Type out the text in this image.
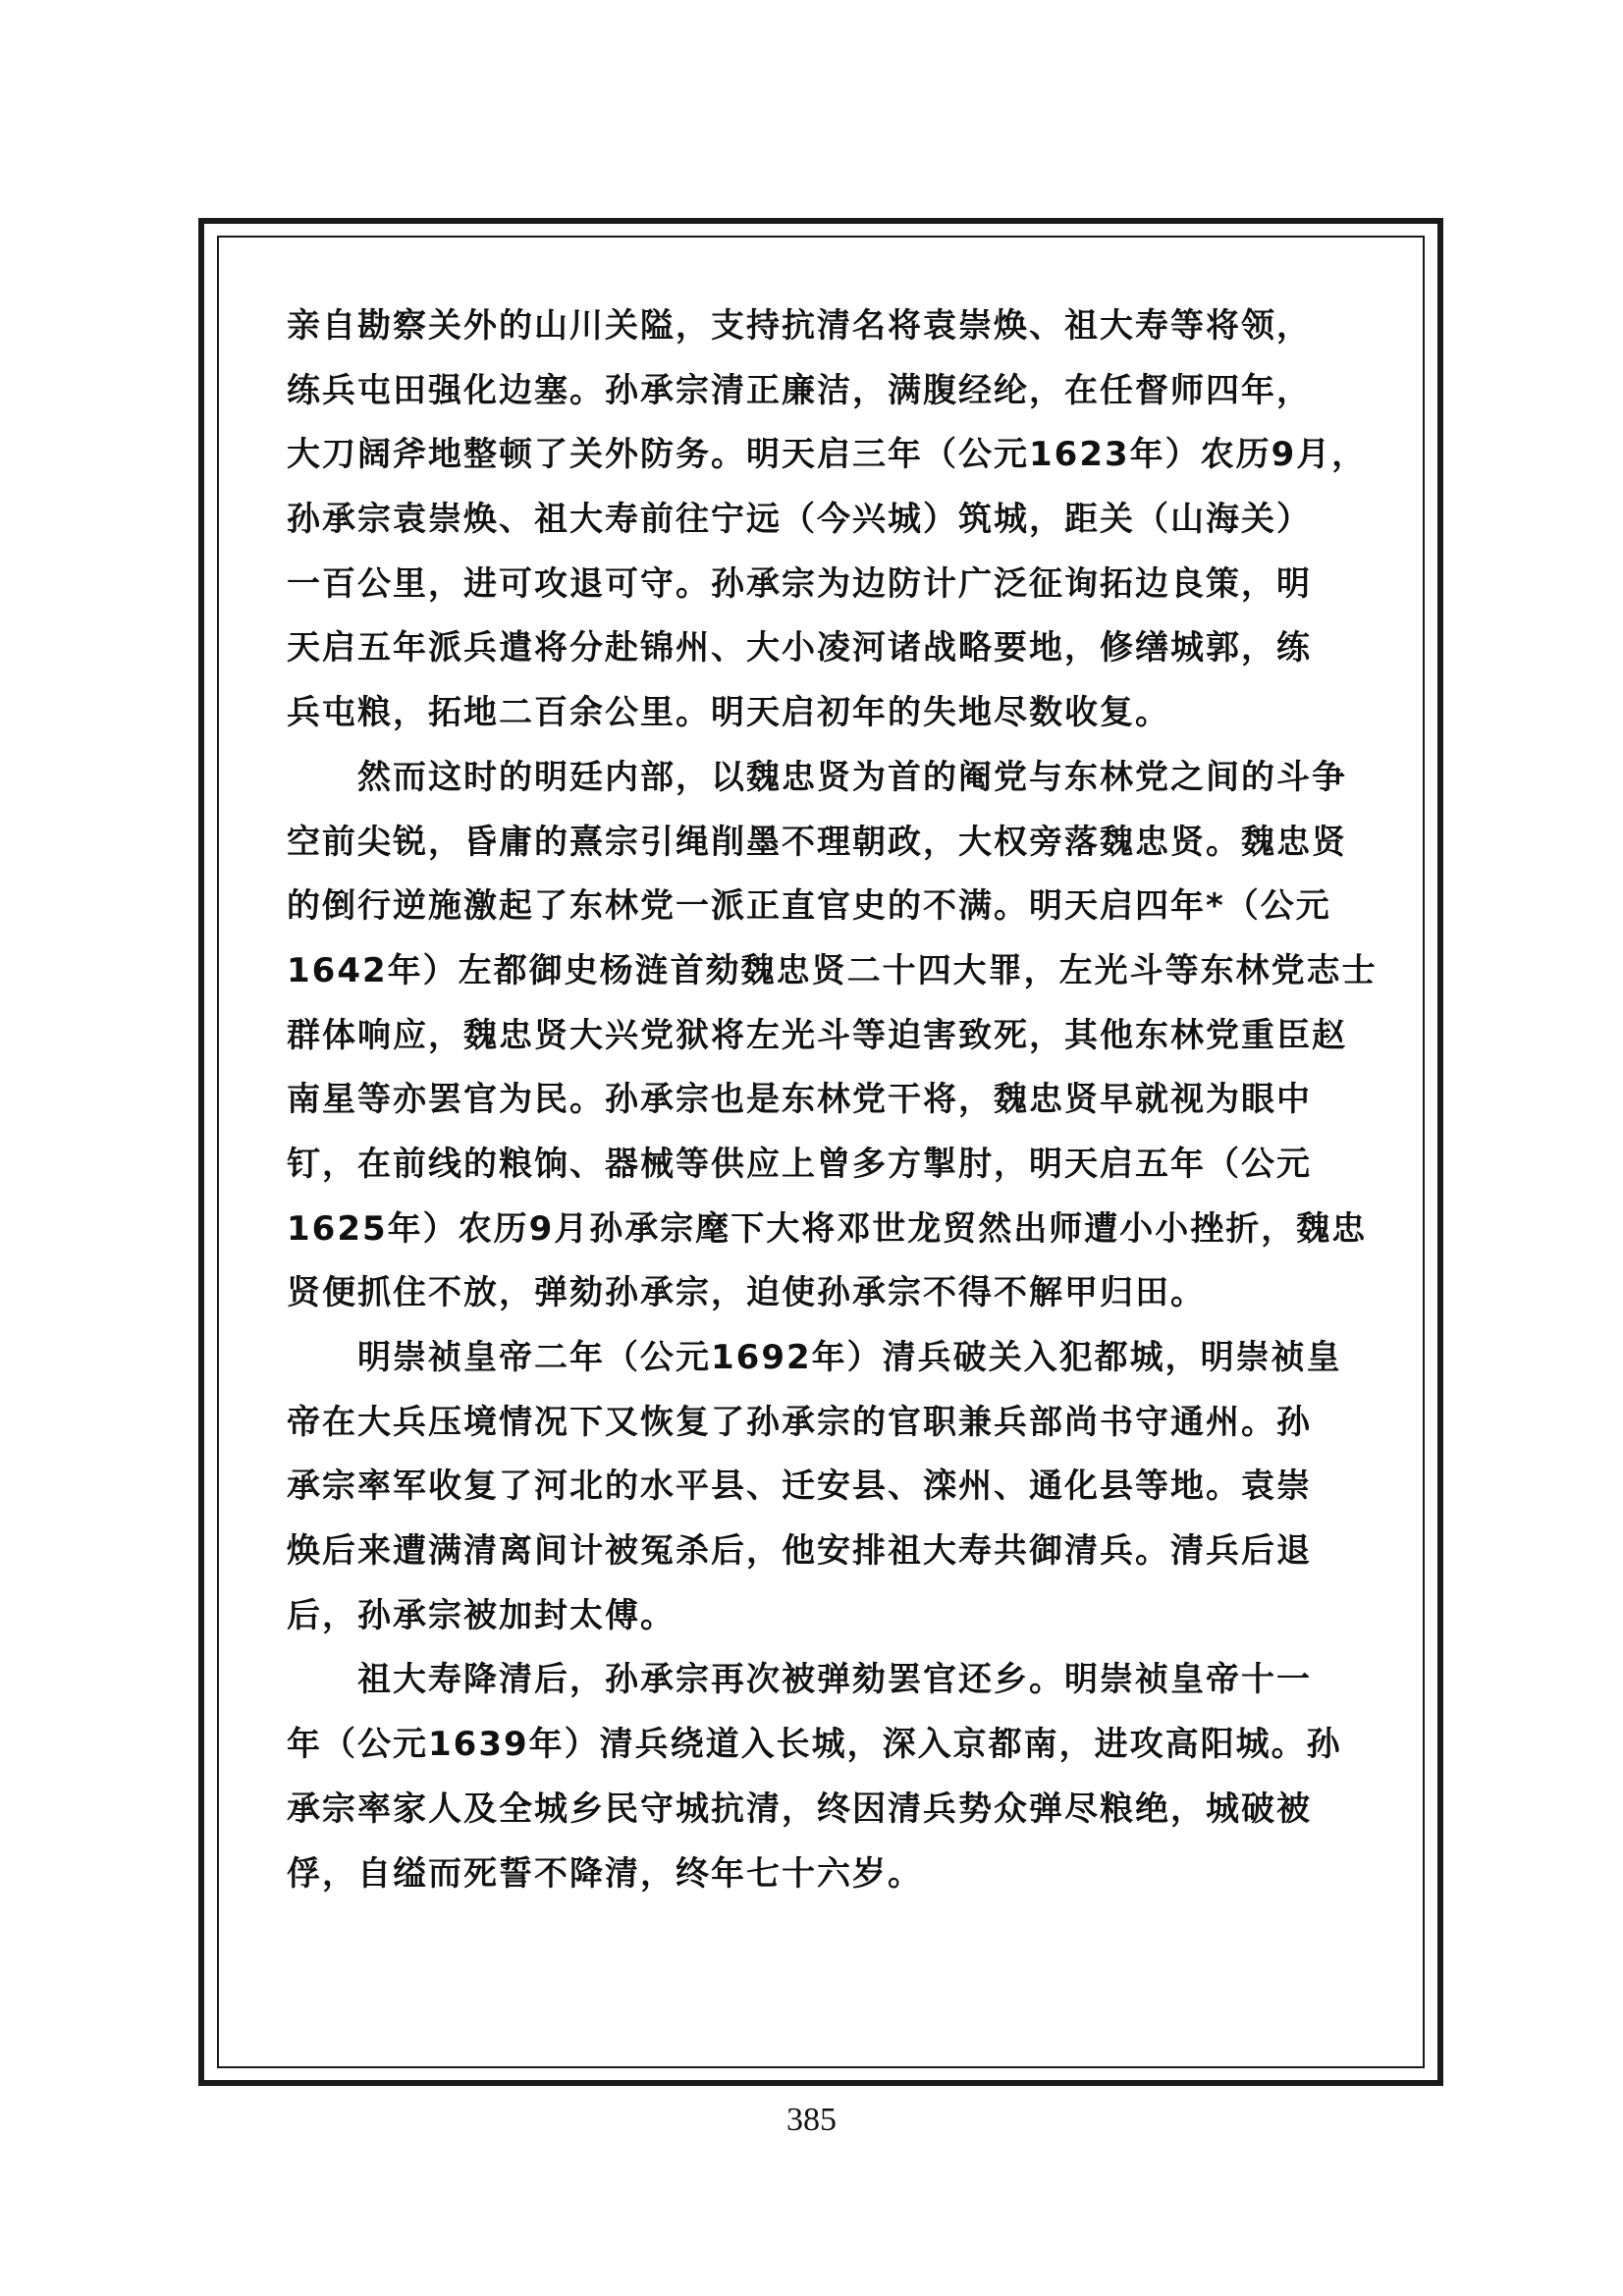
亲自勘察关外的山川关隘，支持抗清名将袁崇焕、祖大寿等将领，
练兵屯田强化边塞。孙承宗清正廉洁，满腹经纶，在任督师四年，
大刀阔斧地整顿了关外防务。明天启三年（公元1623年）农历9月，
孙承宗袁崇焕、祖大寿前往宁远（今兴城）筑城，距关（山海关）
一百公里，进可攻退可守。孙承宗为边防计广泛征询拓边良策，明
天启五年派兵遣将分赴锦州、大小凌河诸战略要地，修缮城郭，练
兵屯粮，拓地二百余公里。明天启初年的失地尽数收复。

然而这时的明廷内部，以魏忠贤为首的阉党与东林党之间的斗争
空前尖锐，昏庸的熹宗引绳削墨不理朝政，大权旁落魏忠贤。魏忠贤
的倒行逆施激起了东林党一派正直官史的不满。明天启四年*（公元
1642年）左都御史杨涟首劾魏忠贤二十四大罪，左光斗等东林党志士
群体响应，魏忠贤大兴党狱将左光斗等迫害致死，其他东林党重臣赵
南星等亦罢官为民。孙承宗也是东林党干将，魏忠贤早就视为眼中
钉，在前线的粮饷、器械等供应上曾多方掣肘，明天启五年（公元
1625年）农历9月孙承宗麾下大将邓世龙贸然出师遭小小挫折，魏忠
贤便抓住不放，弹劾孙承宗，迫使孙承宗不得不解甲归田。

明崇祯皇帝二年（公元1692年）清兵破关入犯都城，明崇祯皇
帝在大兵压境情况下又恢复了孙承宗的官职兼兵部尚书守通州。孙
承宗率军收复了河北的水平县、迁安县、滦州、通化县等地。袁崇
焕后来遭满清离间计被冤杀后，他安排祖大寿共御清兵。清兵后退
后，孙承宗被加封太傅。

祖大寿降清后，孙承宗再次被弹劾罢官还乡。明崇祯皇帝十一
年（公元1639年）清兵绕道入长城，深入京都南，进攻高阳城。孙
承宗率家人及全城乡民守城抗清，终因清兵势众弹尽粮绝，城破被
俘，自缢而死誓不降清，终年七十六岁。

385
